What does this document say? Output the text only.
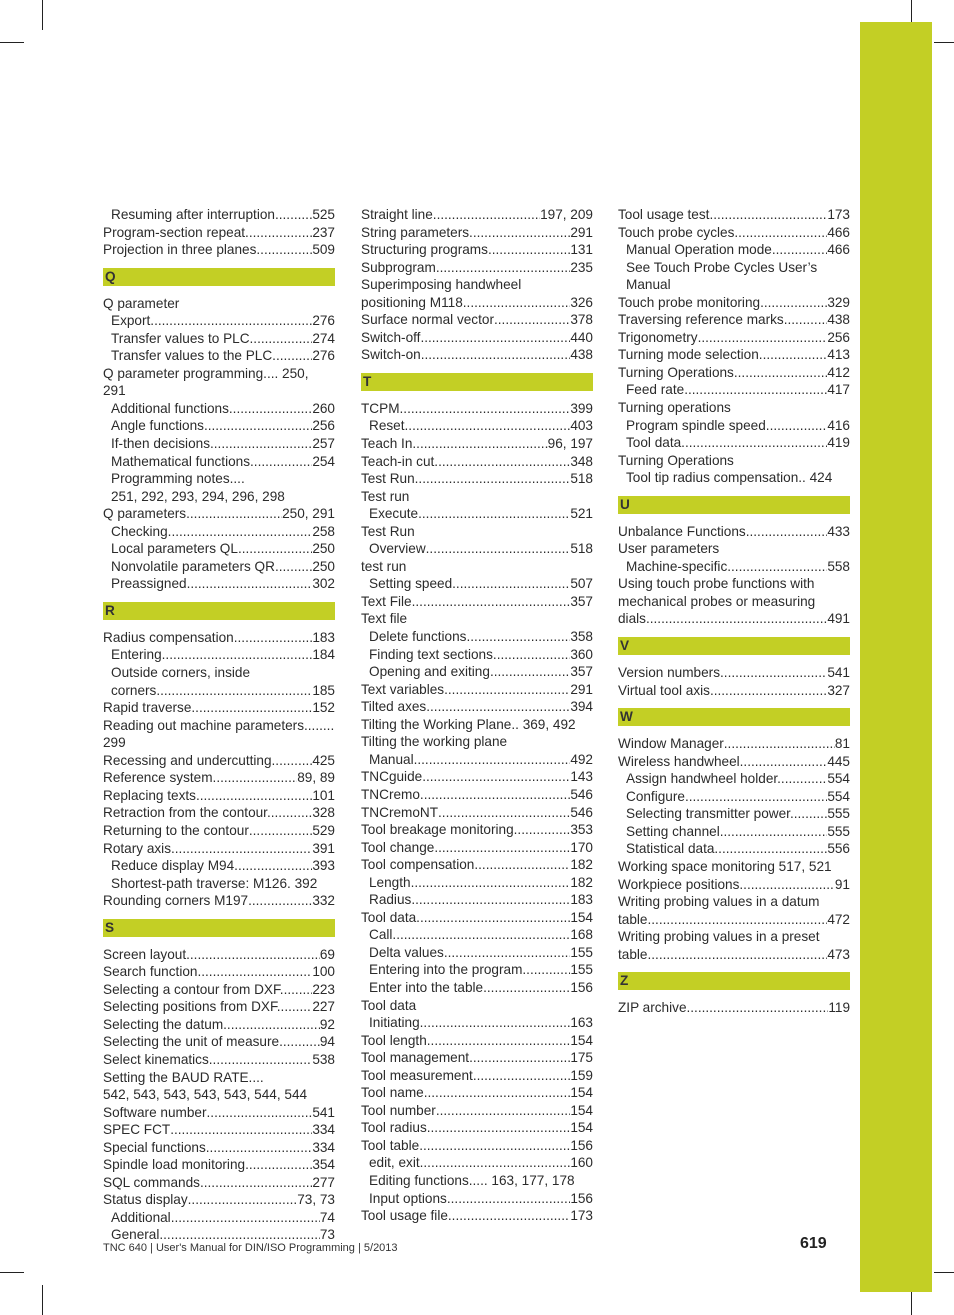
Resuming after interruption.... ..... 525
Program-section repeat .....	237
Projection in three planes .....	509
Q
Q parameter
Export .....	276
Transfer values to PLC .....	274
Transfer values to the PLC..... ..... 276
Q parameter programming.... 250,
291
Additional functions .....	260
Angle functions .....	256
If-then decisions .....	257
Mathematical functions .....	254
Programming notes....
251, 292, 293, 294, 296, 298
Q parameters .....	250, 291
Checking .....	258
Local parameters QL .....	250
Nonvolatile parameters QR.... ..... 250
Preassigned .....	302
R
Radius compensation .....	183
Entering .....	184
Outside corners, inside
corners .....	185
Rapid traverse .....	152
Reading out machine parameters....
.....
299
Recessing and undercutting..... ..... 425
Reference system .....	89, 89
Replacing texts .....	101
Retraction from the contour..... ..... 328
Returning to the contour .....	529
Rotary axis .....	391
Reduce display M94 .....	393
Shortest-path traverse: M126. 392
Rounding corners M197 .....	332
S
Screen layout .....	69
Search function .....	100
Selecting a contour from DXF.. ..... 223
Selecting positions from DXF... ..... 227
Selecting the datum .....	92
Selecting the unit of measure.... ..... 94
Select kinematics .....	538
Setting the BAUD RATE....
542, 543, 543, 543, 543, 544, 544
Software number .....	541
SPEC FCT .....	334
Special functions .....	334
Spindle load monitoring .....	354
SQL commands .....	277
Status display .....	73, 73
Additional .....	74
General .....	73
Straight line .....	197, 209
String parameters .....	291
Structuring programs .....	131
Subprogram .....	235
Superimposing handwheel
positioning M118 .....	326
Surface normal vector .....	378
Switch-off .....	440
Switch-on .....	438
T
TCPM .....	399
Reset .....	403
Teach In .....	96, 197
Teach-in cut .....	348
Test Run .....	518
Test run
Execute .....	521
Test Run
Overview .....	518
test run
Setting speed .....	507
Text File .....	357
Text file
Delete functions .....	358
Finding text sections .....	360
Opening and exiting .....	357
Text variables .....	291
Tilted axes .....	394
Tilting the Working Plane.. 369, 492
Tilting the working plane
Manual .....	492
TNCguide .....	143
TNCremo .....	546
TNCremoNT .....	546
Tool breakage monitoring .....	353
Tool change .....	170
Tool compensation .....	182
Length .....	182
Radius .....	183
Tool data .....	154
Call .....	168
Delta values .....	155
Entering into the program...... ..... 155
Enter into the table .....	156
Tool data
Initiating .....	163
Tool length .....	154
Tool management .....	175
Tool measurement .....	159
Tool name .....	154
Tool number .....	154
Tool radius .....	154
Tool table .....	156
edit, exit .....	160
Editing functions..... 163, 177, 178
Input options .....	156
Tool usage file .....	173
Tool usage test .....	173
Touch probe cycles .....	466
Manual Operation mode........ ..... 466
See Touch Probe Cycles User’s
Manual
Touch probe monitoring .....	329
Traversing reference marks...... ..... 438
Trigonometry .....	256
Turning mode selection .....	413
Turning Operations .....	412
Feed rate .....	417
Turning operations
Program spindle speed.......... ..... 416
Tool data .....	419
Turning Operations
Tool tip radius compensation.. 424
U
Unbalance Functions .....	433
User parameters
Machine-specific .....	558
Using touch probe functions with
mechanical probes or measuring
dials .....	491
V
Version numbers .....	541
Virtual tool axis .....	327
W
Window Manager .....	81
Wireless handwheel .....	445
Assign handwheel holder....... ..... 554
Configure .....	554
Selecting transmitter power... ..... 555
Setting channel .....	555
Statistical data .....	556
Working space monitoring 517, 521
Workpiece positions .....	91
Writing probing values in a datum
table .....	472
Writing probing values in a preset
table .....	473
Z
ZIP archive .....	119
TNC 640 | User's Manual for DIN/ISO Programming | 5/2013	619
